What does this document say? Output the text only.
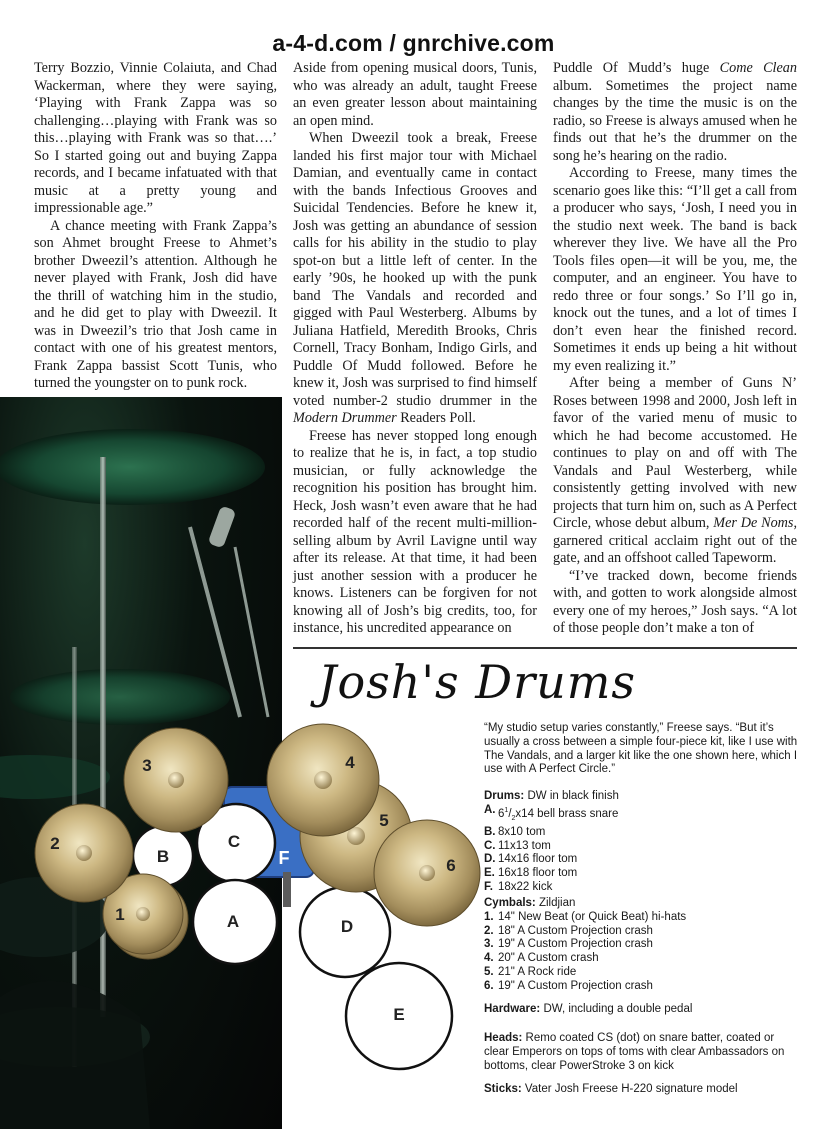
a-4-d.com / gnrchive.com

Terry Bozzio, Vinnie Colaiuta, and Chad Wackerman, where they were saying, ‘Playing with Frank Zappa was so challenging…playing with Frank was so this…playing with Frank was so that….’ So I started going out and buying Zappa records, and I became infatuated with that music at a pretty young and impressionable age.”

A chance meeting with Frank Zappa’s son Ahmet brought Freese to Ahmet’s brother Dweezil’s attention. Although he never played with Frank, Josh did have the thrill of watching him in the studio, and he did get to play with Dweezil. It was in Dweezil’s trio that Josh came in contact with one of his greatest mentors, Frank Zappa bassist Scott Tunis, who turned the youngster on to punk rock.

Aside from opening musical doors, Tunis, who was already an adult, taught Freese an even greater lesson about maintaining an open mind.

When Dweezil took a break, Freese landed his first major tour with Michael Damian, and eventually came in contact with the bands Infectious Grooves and Suicidal Tendencies. Before he knew it, Josh was getting an abundance of session calls for his ability in the studio to play spot-on but a little left of center. In the early ’90s, he hooked up with the punk band The Vandals and recorded and gigged with Paul Westerberg. Albums by Juliana Hatfield, Meredith Brooks, Chris Cornell, Tracy Bonham, Indigo Girls, and Puddle Of Mudd followed. Before he knew it, Josh was surprised to find himself voted number-2 studio drummer in the Modern Drummer Readers Poll.

Freese has never stopped long enough to realize that he is, in fact, a top studio musician, or fully acknowledge the recognition his position has brought him. Heck, Josh wasn’t even aware that he had recorded half of the recent multi-million-selling album by Avril Lavigne until way after its release. At that time, it had been just another session with a producer he knows. Listeners can be forgiven for not knowing all of Josh’s big credits, too, for instance, his uncredited appearance on

Puddle Of Mudd’s huge Come Clean album. Sometimes the project name changes by the time the music is on the radio, so Freese is always amused when he finds out that he’s the drummer on the song he’s hearing on the radio.

According to Freese, many times the scenario goes like this: “I’ll get a call from a producer who says, ‘Josh, I need you in the studio next week. The band is back wherever they live. We have all the Pro Tools files open—it will be you, me, the computer, and an engineer. You have to redo three or four songs.’ So I’ll go in, knock out the tunes, and a lot of times I don’t even hear the finished record. Sometimes it ends up being a hit without my even realizing it.”

After being a member of Guns N’ Roses between 1998 and 2000, Josh left in favor of the varied menu of music to which he had become accustomed. He continues to play on and off with The Vandals and Paul Westerberg, while consistently getting involved with new projects that turn him on, such as A Perfect Circle, whose debut album, Mer De Noms, garnered critical acclaim right out of the gate, and an offshoot called Tapeworm.

“I’ve tracked down, become friends with, and gotten to work alongside almost every one of my heroes,” Josh says. “A lot of those people don’t make a ton of

Josh's Drums
F
B
C
A	D
E
1
2
3
5
4
6
“My studio setup varies constantly,” Freese says. “But it’s usually a cross between a simple four-piece kit, like I use with The Vandals, and a larger kit like the one shown here, which I use with A Perfect Circle.”
Drums: DW in black finish
A. $6^1/_2x14$ bell brass snare
B. 8x10 tom
C. 11x13 tom
D. 14x16 floor tom
E. 16x18 floor tom
F. 18x22 kick
Cymbals: Zildjian
1. 14" New Beat (or Quick Beat) hi-hats
2. 18" A Custom Projection crash
3. 19" A Custom Projection crash
4. 20" A Custom crash
5. 21" A Rock ride
6. 19" A Custom Projection crash
Hardware: DW, including a double pedal
Heads: Remo coated CS (dot) on snare batter, coated or clear Emperors on tops of toms with clear Ambassadors on bottoms, clear PowerStroke 3 on kick
Sticks: Vater Josh Freese H-220 signature model
